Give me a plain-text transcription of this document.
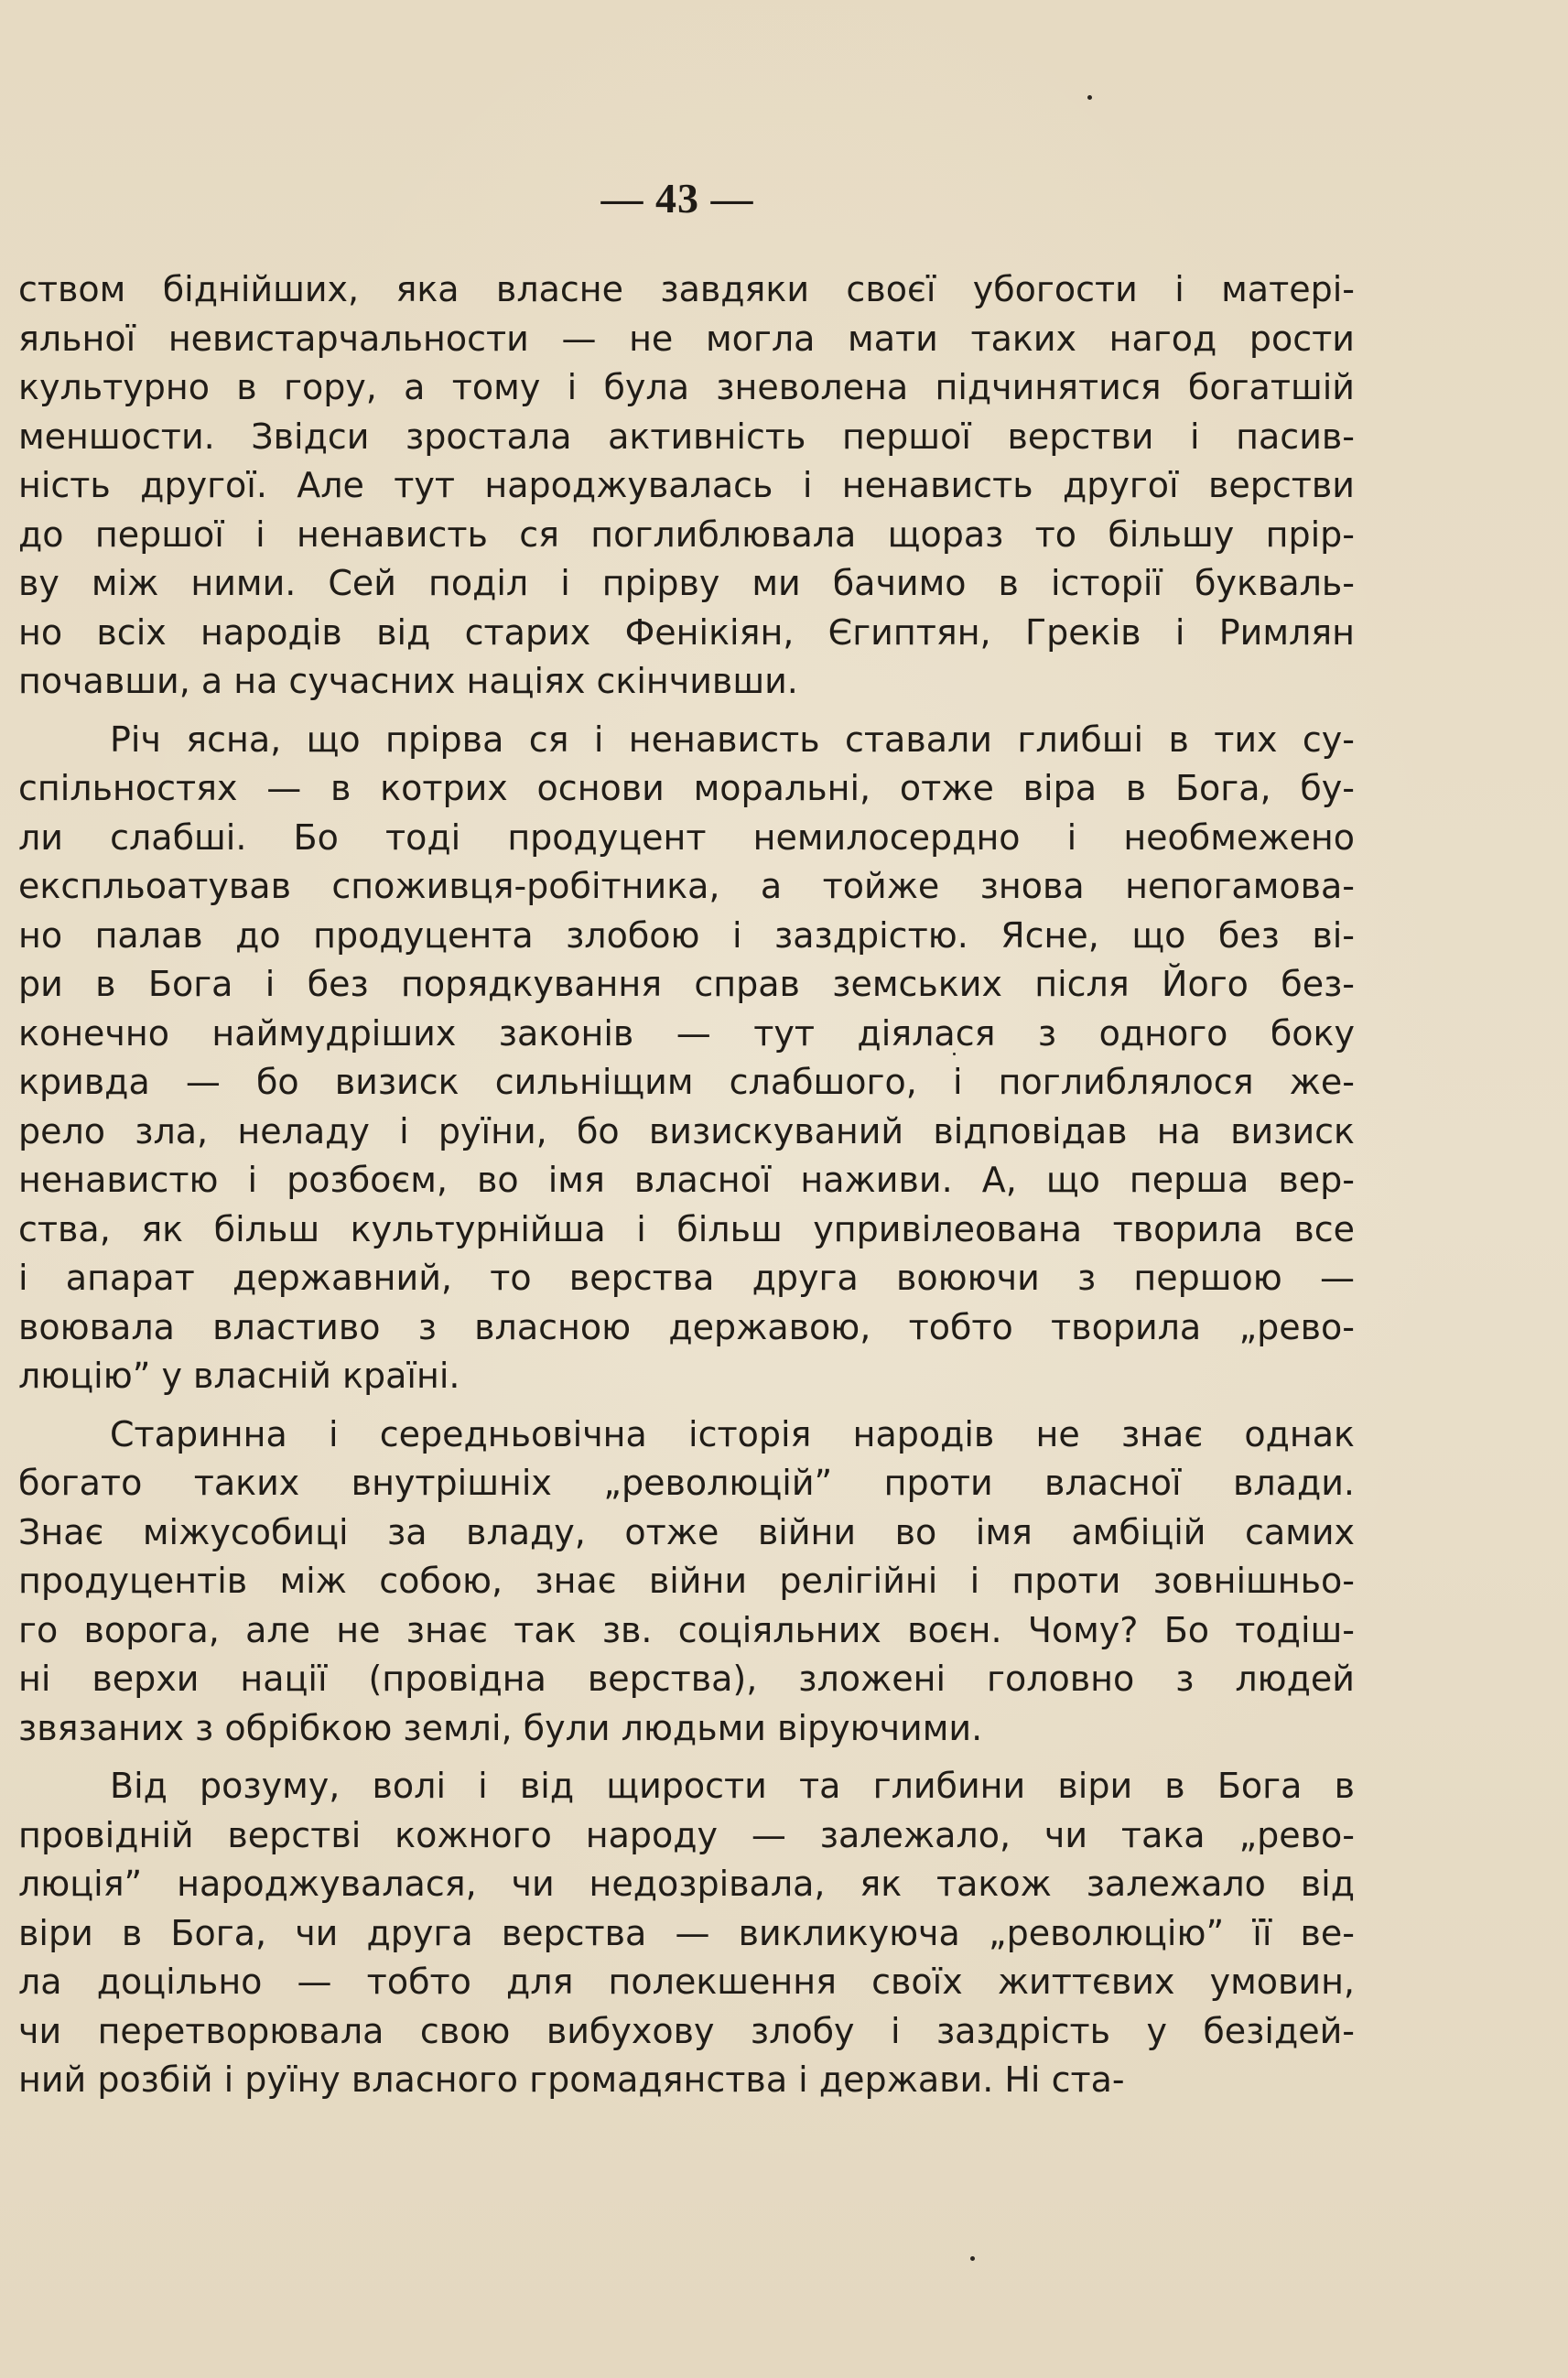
— 43 —
ством біднійших, яка власне завдяки своєї убогости і матері-
яльної невистарчальности — не могла мати таких нагод рости
культурно в гору, а тому і була зневолена підчинятися богатшій
меншости. Звідси зростала активність першої верстви і пасив-
ність другої. Але тут народжувалась і ненависть другої верстви
до першої і ненависть ся поглиблювала щораз то більшу прір-
ву між ними. Сей поділ і прірву ми бачимо в історії букваль-
но всіх народів від старих Фенікіян, Єгиптян, Греків і Римлян
почавши, а на сучасних націях скінчивши.
Річ ясна, що прірва ся і ненависть ставали глибші в тих су-
спільностях — в котрих основи моральні, отже віра в Бога, бу-
ли слабші. Бо тоді продуцент немилосердно і необмежено
експльоатував споживця-робітника, а тойже знова непогамова-
но палав до продуцента злобою і заздрістю. Ясне, що без ві-
ри в Бога і без порядкування справ земських після Його без-
конечно наймудріших законів — тут діялася з одного боку
кривда — бо визиск сильніщим слабшого, і поглиблялося же-
рело зла, неладу і руїни, бо визискуваний відповідав на визиск
ненавистю і розбоєм, во імя власної наживи. А, що перша вер-
ства, як більш культурнійша і більш упривілеована творила все
і апарат державний, то верства друга воюючи з першою —
воювала властиво з власною державою, тобто творила „рево-
люцію” у власній країні.
Старинна і середньовічна історія народів не знає однак
богато таких внутрішніх „революцій” проти власної влади.
Знає міжусобиці за владу, отже війни во імя амбіцій самих
продуцентів між собою, знає війни релігійні і проти зовнішньо-
го ворога, але не знає так зв. соціяльних воєн. Чому? Бо тодіш-
ні верхи нації (провідна верства), зложені головно з людей
звязаних з обрібкою землі, були людьми віруючими.
Від розуму, волі і від щирости та глибини віри в Бога в
провідній верстві кожного народу — залежало, чи така „рево-
люція” народжувалася, чи недозрівала, як також залежало від
віри в Бога, чи друга верства — викликуюча „революцію” її ве-
ла доцільно — тобто для полекшення своїх життєвих умовин,
чи перетворювала свою вибухову злобу і заздрість у безідей-
ний розбій і руїну власного громадянства і держави. Ні ста-
